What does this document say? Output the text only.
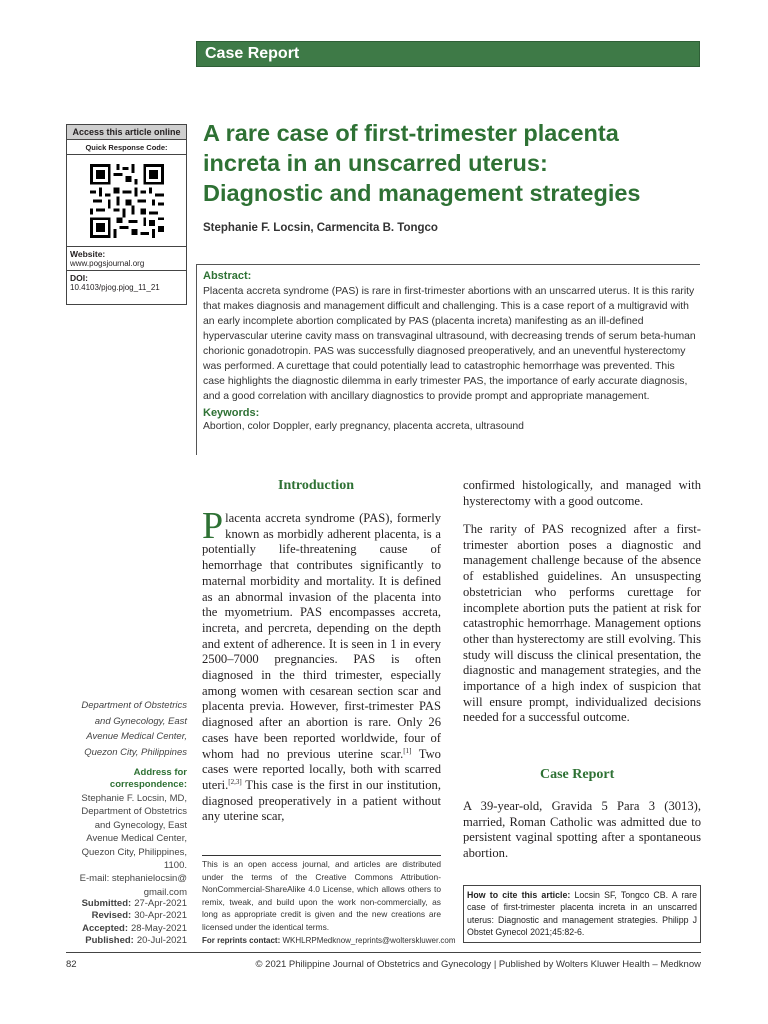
Case Report
Access this article online
Quick Response Code:
Website:
www.pogsjournal.org
DOI:
10.4103/pjog.pjog_11_21
A rare case of first-trimester placenta
increta in an unscarred uterus:
Diagnostic and management strategies
Stephanie F. Locsin, Carmencita B. Tongco
Abstract:
Placenta accreta syndrome (PAS) is rare in first-trimester abortions with an unscarred uterus. It is this rarity that makes diagnosis and management difficult and challenging. This is a case report of a multigravid with an early incomplete abortion complicated by PAS (placenta increta) manifesting as an ill-defined hypervascular uterine cavity mass on transvaginal ultrasound, with decreasing trends of serum beta-human chorionic gonadotropin. PAS was successfully diagnosed preoperatively, and an uneventful hysterectomy was performed. A curettage that could potentially lead to catastrophic hemorrhage was prevented. This case highlights the diagnostic dilemma in early trimester PAS, the importance of early accurate diagnosis, and a good correlation with ancillary diagnostics to provide prompt and appropriate management.
Keywords:
Abortion, color Doppler, early pregnancy, placenta accreta, ultrasound
Department of Obstetrics and Gynecology, East Avenue Medical Center, Quezon City, Philippines
Address for correspondence:
Stephanie F. Locsin, MD, Department of Obstetrics and Gynecology, East Avenue Medical Center, Quezon City, Philippines, 1100.
E-mail: stephanielocsin@ gmail.com
Submitted: 27-Apr-2021
Revised: 30-Apr-2021
Accepted: 28-May-2021
Published: 20-Jul-2021
Introduction
Placenta accreta syndrome (PAS), formerly known as morbidly adherent placenta, is a potentially life-threatening cause of hemorrhage that contributes significantly to maternal morbidity and mortality. It is defined as an abnormal invasion of the placenta into the myometrium. PAS encompasses accreta, increta, and percreta, depending on the depth and extent of adherence. It is seen in 1 in every 2500–7000 pregnancies. PAS is often diagnosed in the third trimester, especially among women with cesarean section scar and placenta previa. However, first-trimester PAS diagnosed after an abortion is rare. Only 26 cases have been reported worldwide, four of whom had no previous uterine scar.[1] Two cases were reported locally, both with scarred uteri.[2,3] This case is the first in our institution, diagnosed preoperatively in a patient without any uterine scar,
confirmed histologically, and managed with hysterectomy with a good outcome.
The rarity of PAS recognized after a first-trimester abortion poses a diagnostic and management challenge because of the absence of established guidelines. An unsuspecting obstetrician who performs curettage for incomplete abortion puts the patient at risk for catastrophic hemorrhage. Management options other than hysterectomy are still evolving. This study will discuss the clinical presentation, the diagnostic and management strategies, and the importance of a high index of suspicion that will ensure prompt, individualized decisions needed for a successful outcome.
Case Report
A 39-year-old, Gravida 5 Para 3 (3013), married, Roman Catholic was admitted due to persistent vaginal spotting after a spontaneous abortion.
This is an open access journal, and articles are distributed under the terms of the Creative Commons Attribution-NonCommercial-ShareAlike 4.0 License, which allows others to remix, tweak, and build upon the work non-commercially, as long as appropriate credit is given and the new creations are licensed under the identical terms.
For reprints contact: WKHLRPMedknow_reprints@wolterskluwer.com
How to cite this article: Locsin SF, Tongco CB. A rare case of first-trimester placenta increta in an unscarred uterus: Diagnostic and management strategies. Philipp J Obstet Gynecol 2021;45:82-6.
82	© 2021 Philippine Journal of Obstetrics and Gynecology | Published by Wolters Kluwer Health – Medknow
